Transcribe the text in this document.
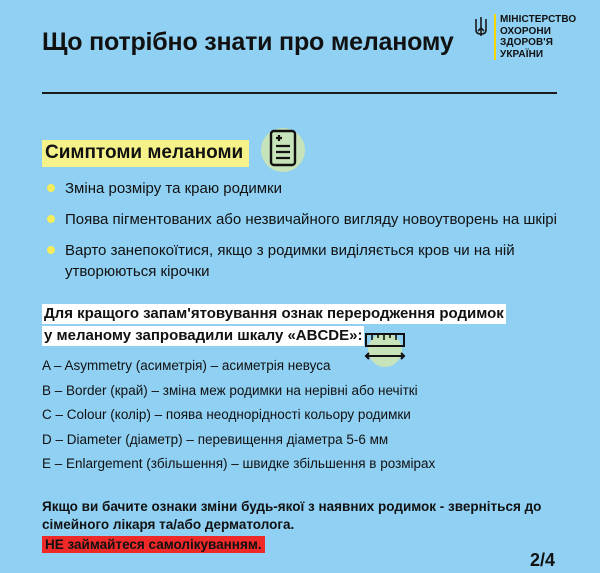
Що потрібно знати про меланому
МІНІСТЕРСТВО
ОХОРОНИ
ЗДОРОВ'Я
УКРАЇНИ
Симптоми меланоми
Зміна розміру та краю родимки
Поява пігментованих або незвичайного вигляду новоутворень на шкірі
Варто занепокоїтися, якщо з родимки виділяється кров чи на ній утворюються кірочки
Для кращого запам'ятовування ознак переродження родимок
у меланому запровадили шкалу «ABCDE»:
A – Asymmetry (асиметрія) – асиметрія невуса
B – Border (край) – зміна меж родимки на нерівні або нечіткі
C – Colour (колір) – поява неоднорідності кольору родимки
D – Diameter (діаметр) – перевищення діаметра 5-6 мм
E – Enlargement (збільшення) – швидке збільшення в розмірах
Якщо ви бачите ознаки зміни будь-якої з наявних родимок - зверніться до сімейного лікаря та/або дерматолога.
НЕ займайтеся самолікуванням.
2/4
